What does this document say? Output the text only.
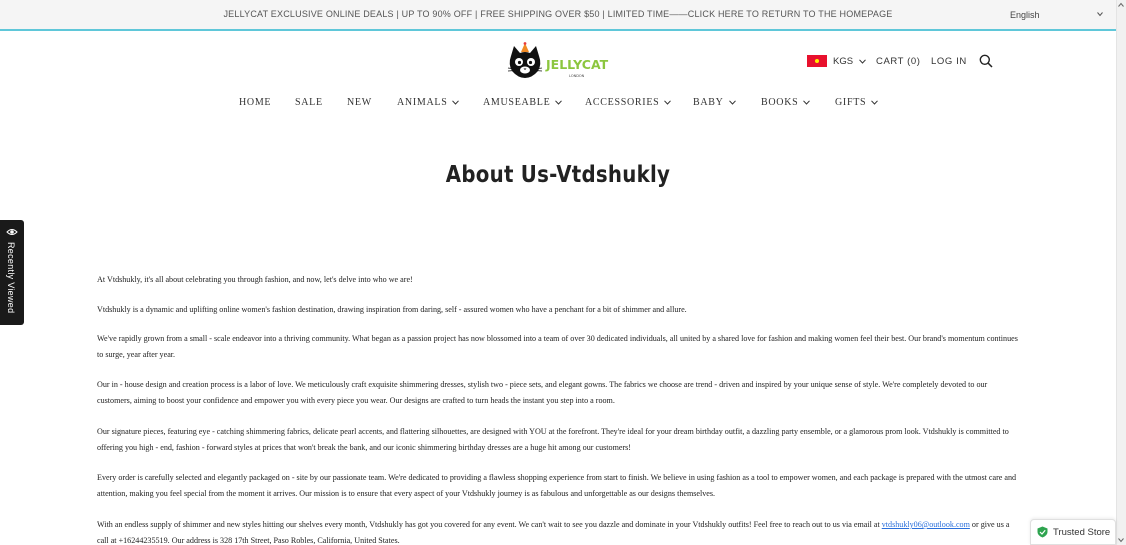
JELLYCAT EXCLUSIVE ONLINE DEALS | UP TO 90% OFF | FREE SHIPPING OVER $50 | LIMITED TIME——CLICK HERE TO RETURN TO THE HOMEPAGE	English
JELLYCAT
LONDON
KGS CART (0) LOG IN
HOME SALE NEW	ANIMALS	AMUSEABLE	ACCESSORIES	BABY	BOOKS	GIFTS
About Us-Vtdshukly

At Vtdshukly, it's all about celebrating you through fashion, and now, let's delve into who we are!

Vtdshukly is a dynamic and uplifting online women's fashion destination, drawing inspiration from daring, self - assured women who have a penchant for a bit of shimmer and allure.

We've rapidly grown from a small - scale endeavor into a thriving community. What began as a passion project has now blossomed into a team of over 30 dedicated individuals, all united by a shared love for fashion and making women feel their best. Our brand's momentum continues to surge, year after year.

Our in - house design and creation process is a labor of love. We meticulously craft exquisite shimmering dresses, stylish two - piece sets, and elegant gowns. The fabrics we choose are trend - driven and inspired by your unique sense of style. We're completely devoted to our customers, aiming to boost your confidence and empower you with every piece you wear. Our designs are crafted to turn heads the instant you step into a room.

Our signature pieces, featuring eye - catching shimmering fabrics, delicate pearl accents, and flattering silhouettes, are designed with YOU at the forefront. They're ideal for your dream birthday outfit, a dazzling party ensemble, or a glamorous prom look. Vtdshukly is committed to offering you high - end, fashion - forward styles at prices that won't break the bank, and our iconic shimmering birthday dresses are a huge hit among our customers!

Every order is carefully selected and elegantly packaged on - site by our passionate team. We're dedicated to providing a flawless shopping experience from start to finish. We believe in using fashion as a tool to empower women, and each package is prepared with the utmost care and attention, making you feel special from the moment it arrives. Our mission is to ensure that every aspect of your Vtdshukly journey is as fabulous and unforgettable as our designs themselves.

With an endless supply of shimmer and new styles hitting our shelves every month, Vtdshukly has got you covered for any event. We can't wait to see you dazzle and dominate in your Vtdshukly outfits! Feel free to reach out to us via email at vtdshukly06@outlook.com or give us a call at +16244235519. Our address is 328 17th Street, Paso Robles, California, United States.

Recently Viewed
Trusted Store
